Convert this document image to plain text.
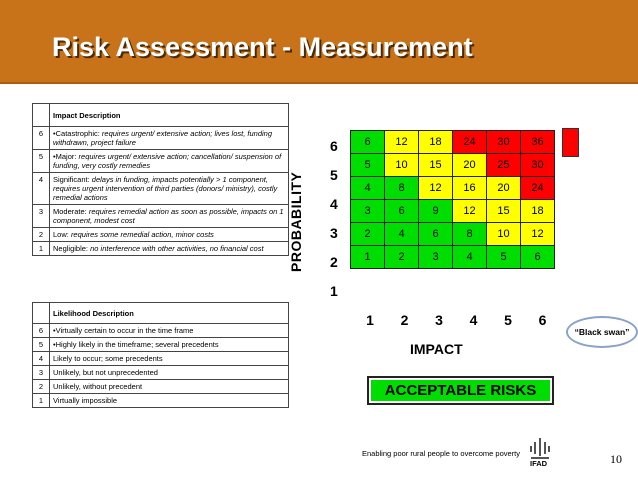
Risk Assessment - Measurement
	Impact Description
6	•Catastrophic: requires urgent/ extensive action; lives lost, funding withdrawn, project failure
5	•Major: requires urgent/ extensive action; cancellation/ suspension of funding, very costly remedies
4	Significant: delays in funding, impacts potentially > 1 component, requires urgent intervention of third parties (donors/ ministry), costly remedial actions
3	Moderate: requires remedial action as soon as possible, impacts on 1 component, modest cost
2	Low: requires some remedial action, minor costs
1	Negligible: no interference with other activities, no financial cost
	Likelihood Description
6	•Virtually certain to occur in the time frame
5	•Highly likely in the timeframe; several precedents
4	Likely to occur; some precedents
3	Unlikely, but not unprecedented
2	Unlikely, without precedent
1	Virtually impossible
PROBABILITY
6
5
4
3
2
1
6	12	18	24	30	36
5	10	15	20	25	30
4	8	12	16	20	24
3	6	9	12	15	18
2	4	6	8	10	12
1	2	3	4	5	6
1	2	3	4	5	6
IMPACT
“Black swan”
ACCEPTABLE RISKS
Enabling poor rural people to overcome poverty
IFAD	10
